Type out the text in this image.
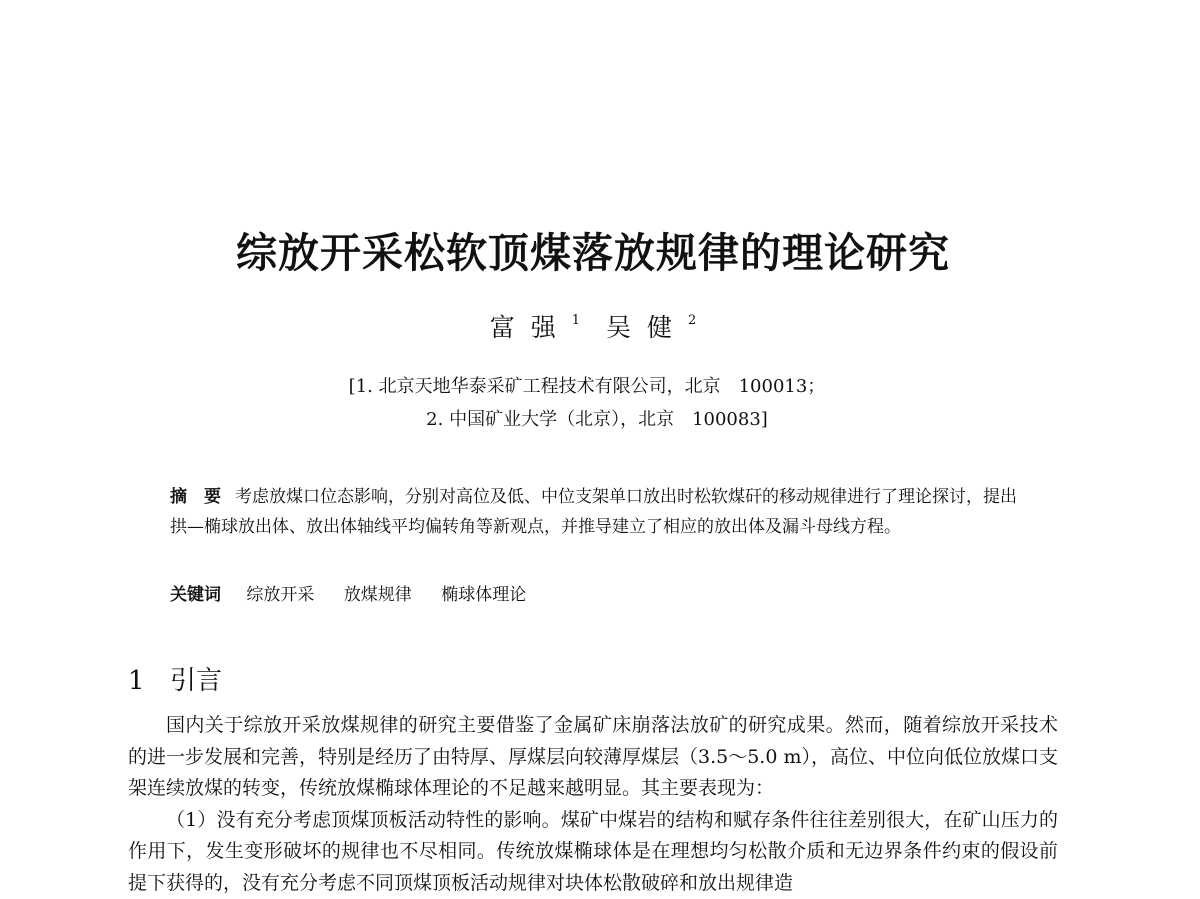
综放开采松软顶煤落放规律的理论研究
富强$^1$ 吴健$^2$
[1. 北京天地华泰采矿工程技术有限公司，北京　100013；
2. 中国矿业大学（北京），北京　100083]

摘　要 考虑放煤口位态影响，分别对高位及低、中位支架单口放出时松软煤矸的移动规律进行了理论探讨，提出拱—椭球放出体、放出体轴线平均偏转角等新观点，并推导建立了相应的放出体及漏斗母线方程。

关键词 综放开采 放煤规律 椭球体理论
1 引言

国内关于综放开采放煤规律的研究主要借鉴了金属矿床崩落法放矿的研究成果。然而，随着综放开采技术的进一步发展和完善，特别是经历了由特厚、厚煤层向较薄厚煤层（3.5～5.0 m），高位、中位向低位放煤口支架连续放煤的转变，传统放煤椭球体理论的不足越来越明显。其主要表现为：

（1）没有充分考虑顶煤顶板活动特性的影响。煤矿中煤岩的结构和赋存条件往往差别很大，在矿山压力的作用下，发生变形破坏的规律也不尽相同。传统放煤椭球体是在理想均匀松散介质和无边界条件约束的假设前提下获得的，没有充分考虑不同顶煤顶板活动规律对块体松散破碎和放出规律造
